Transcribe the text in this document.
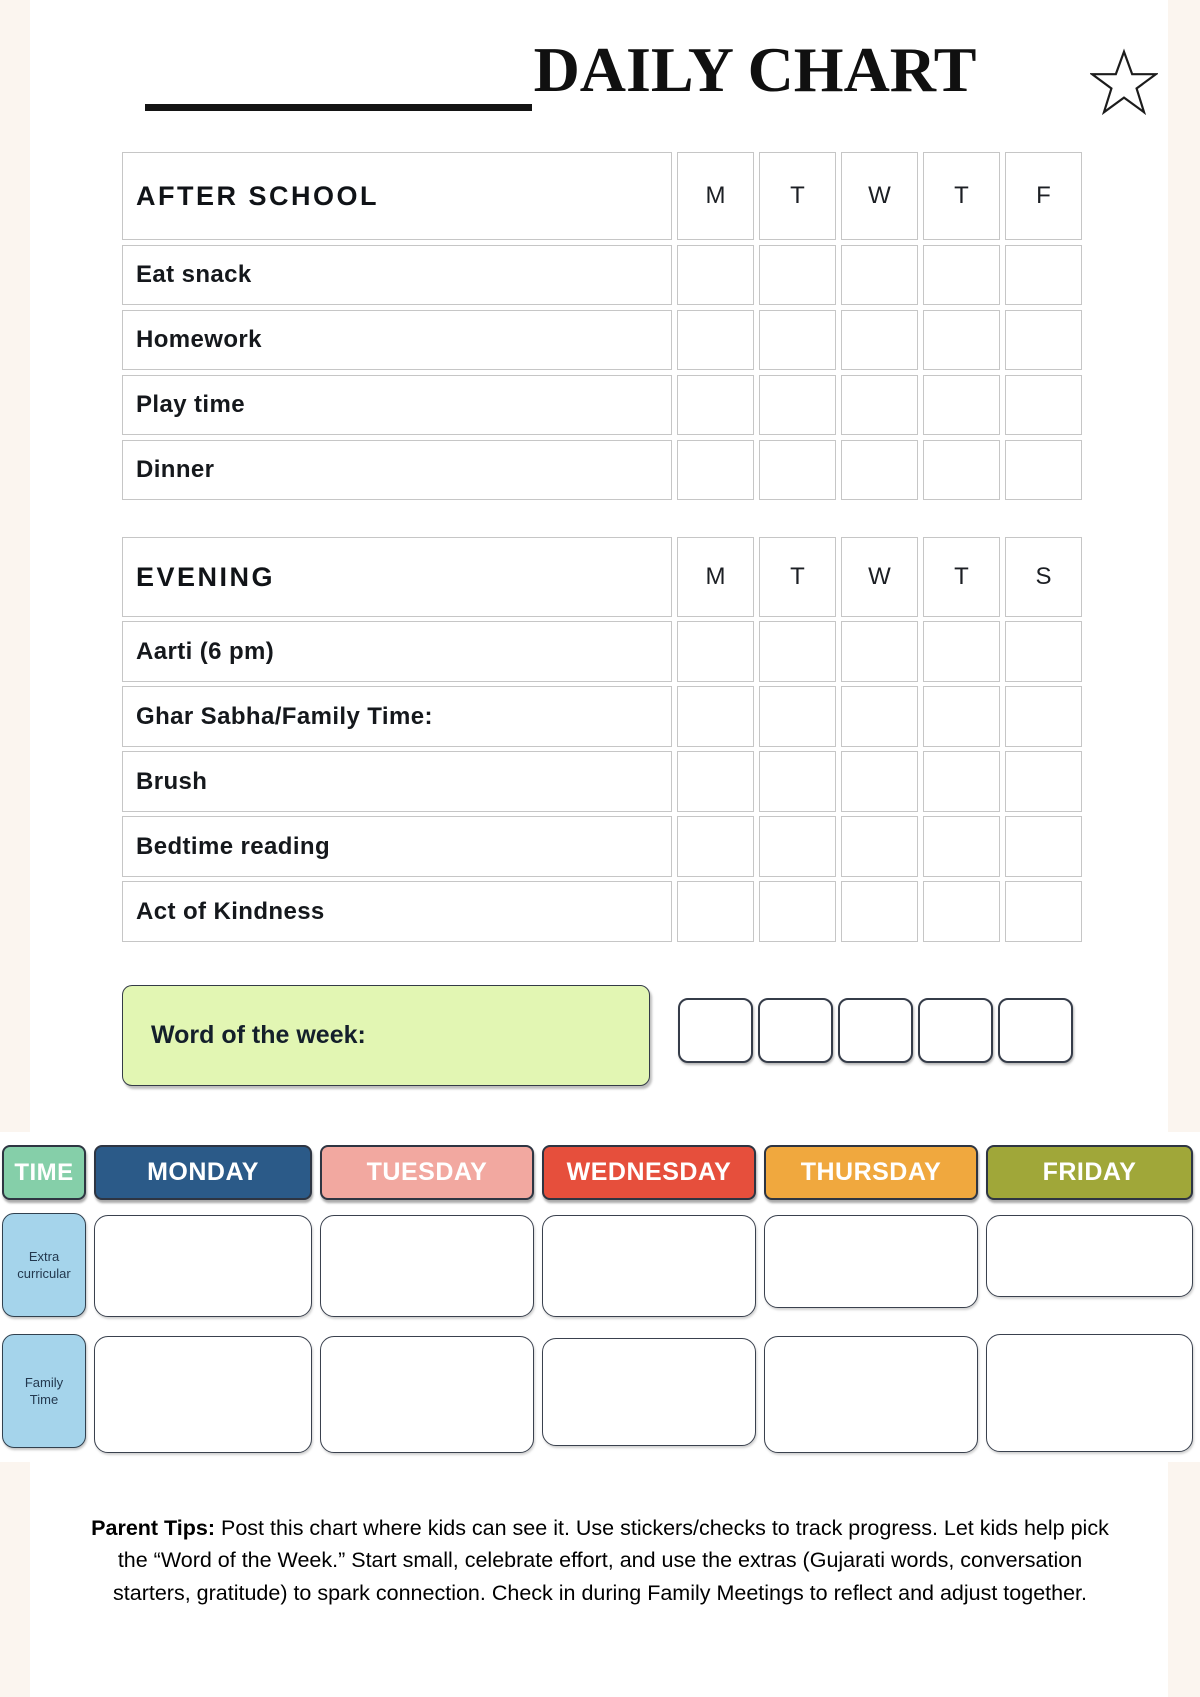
DAILY CHART
AFTER SCHOOL	M	T	W	T	F
Eat snack
Homework
Play time
Dinner
EVENING	M	T	W	T	S
Aarti (6 pm)
Ghar Sabha/Family Time:
Brush
Bedtime reading
Act of Kindness
Word of the week:
TIME	MONDAY	TUESDAY	WEDNESDAY	THURSDAY	FRIDAY
Extra
curricular
Family
Time

Parent Tips: Post this chart where kids can see it. Use stickers/checks to track progress. Let kids help pick the “Word of the Week.” Start small, celebrate effort, and use the extras (Gujarati words, conversation starters, gratitude) to spark connection. Check in during Family Meetings to reflect and adjust together.
